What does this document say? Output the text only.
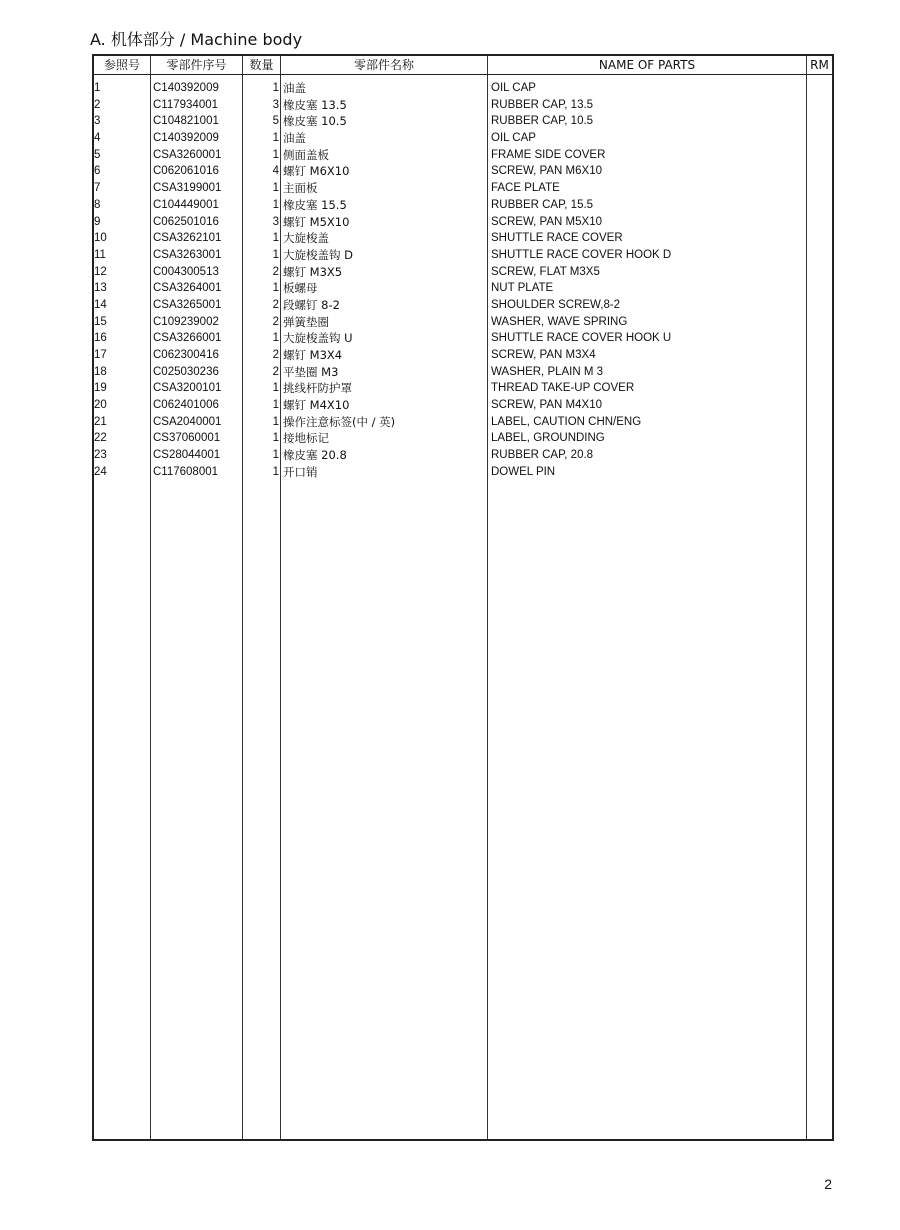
A. 机体部分 / Machine body
参照号	零部件序号	数量	零部件名称	NAME OF PARTS	RM
1	C140392009	1 油盖	OIL CAP
2	C117934001	3 橡皮塞 13.5	RUBBER CAP, 13.5
3	C104821001	5 橡皮塞 10.5	RUBBER CAP, 10.5
4	C140392009	1 油盖	OIL CAP
5	CSA3260001	1 侧面盖板	FRAME SIDE COVER
6	C062061016	4 螺钉 M6X10	SCREW, PAN M6X10
7	CSA3199001	1 主面板	FACE PLATE
8	C104449001	1 橡皮塞 15.5	RUBBER CAP, 15.5
9	C062501016	3 螺钉 M5X10	SCREW, PAN M5X10
10	CSA3262101	1 大旋梭盖	SHUTTLE RACE COVER
11	CSA3263001	1 大旋梭盖钩 D	SHUTTLE RACE COVER HOOK D
12	C004300513	2 螺钉 M3X5	SCREW, FLAT M3X5
13	CSA3264001	1 板螺母	NUT PLATE
14	CSA3265001	2 段螺钉 8-2	SHOULDER SCREW,8-2
15	C109239002	2 弹簧垫圈	WASHER, WAVE SPRING
16	CSA3266001	1 大旋梭盖钩 U	SHUTTLE RACE COVER HOOK U
17	C062300416	2 螺钉 M3X4	SCREW, PAN M3X4
18	C025030236	2 平垫圈 M3	WASHER, PLAIN M 3
19	CSA3200101	1 挑线杆防护罩	THREAD TAKE-UP COVER
20	C062401006	1 螺钉 M4X10	SCREW, PAN M4X10
21	CSA2040001	1 操作注意标签(中 / 英)	LABEL, CAUTION CHN/ENG
22	CS37060001	1 接地标记	LABEL, GROUNDING
23	CS28044001	1 橡皮塞 20.8	RUBBER CAP, 20.8
24	C117608001	1 开口销	DOWEL PIN
2
